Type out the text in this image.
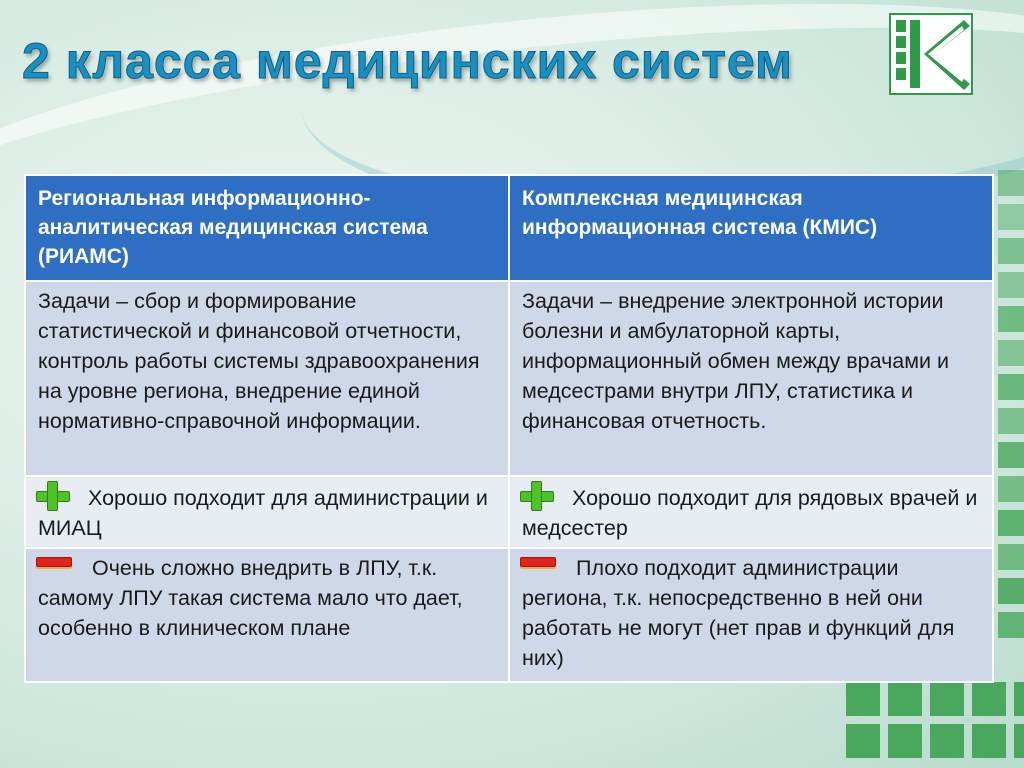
2 класса медицинских систем
Региональная информационно-аналитическая медицинская система (РИАМС)	Комплексная медицинская информационная система (КМИС)
Задачи – сбор и формирование статистической и финансовой отчетности, контроль работы системы здравоохранения на уровне региона, внедрение единой нормативно-справочной информации.	Задачи – внедрение электронной истории болезни и амбулаторной карты, информационный обмен между врачами и медсестрами внутри ЛПУ, статистика и финансовая отчетность.
Хорошо подходит для администрации и МИАЦ	Хорошо подходит для рядовых врачей и медсестер
Очень сложно внедрить в ЛПУ, т.к. самому ЛПУ такая система мало что дает, особенно в клиническом плане	Плохо подходит администрации региона, т.к. непосредственно в ней они работать не могут (нет прав и функций для них)
